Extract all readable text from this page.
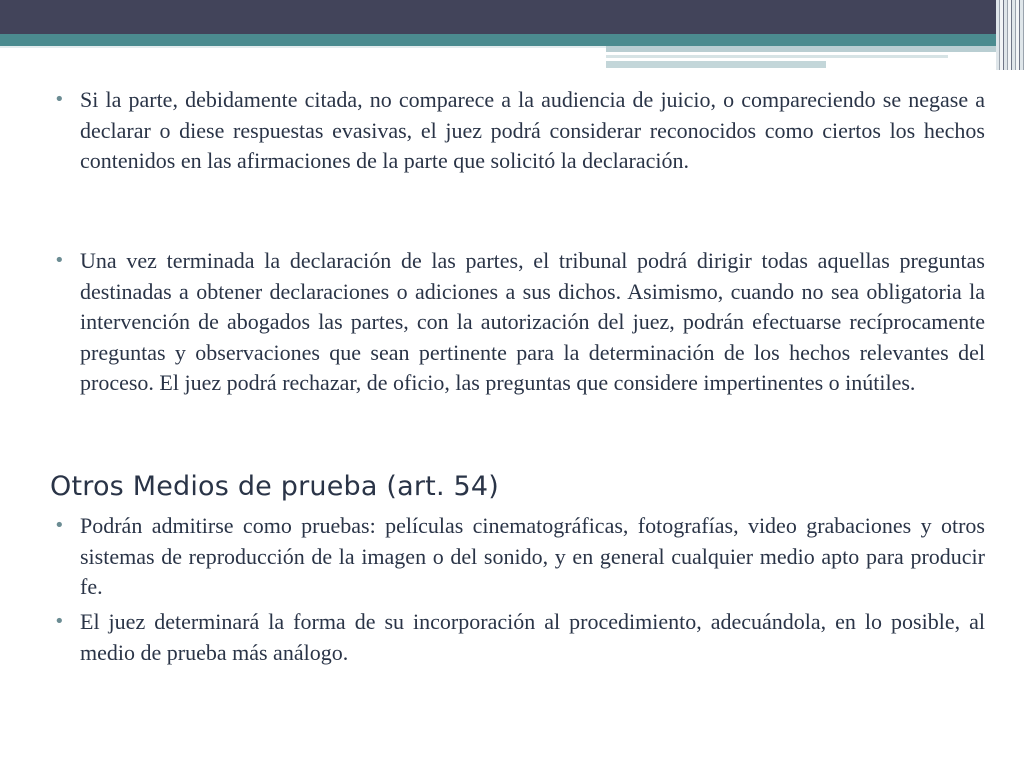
• Si la parte, debidamente citada, no comparece a la audiencia de juicio, o compareciendo se negase a declarar o diese respuestas evasivas, el juez podrá considerar reconocidos como ciertos los hechos contenidos en las afirmaciones de la parte que solicitó la declaración.

• Una vez terminada la declaración de las partes, el tribunal podrá dirigir todas aquellas preguntas destinadas a obtener declaraciones o adiciones a sus dichos. Asimismo, cuando no sea obligatoria la intervención de abogados las partes, con la autorización del juez, podrán efectuarse recíprocamente preguntas y observaciones que sean pertinente para la determinación de los hechos relevantes del proceso. El juez podrá rechazar, de oficio, las preguntas que considere impertinentes o inútiles.

Otros Medios de prueba (art. 54)

• Podrán admitirse como pruebas: películas cinematográficas, fotografías, video grabaciones y otros sistemas de reproducción de la imagen o del sonido, y en general cualquier medio apto para producir fe.

• El juez determinará la forma de su incorporación al procedimiento, adecuándola, en lo posible, al medio de prueba más análogo.
